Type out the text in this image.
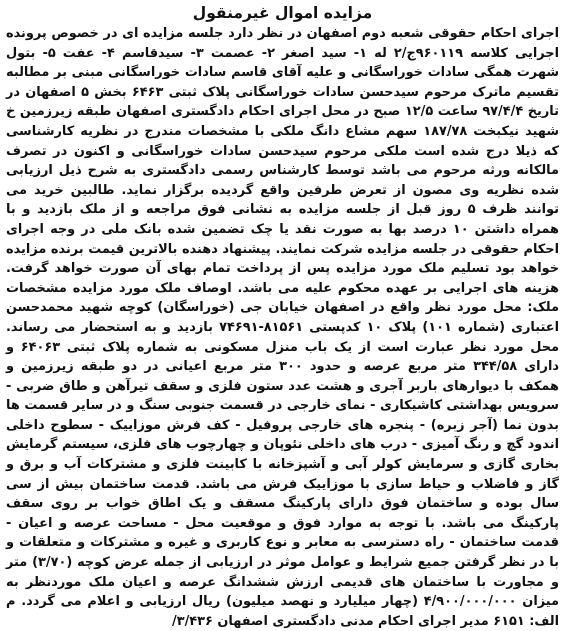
مزایده اموال غیرمنقول

اجرای احکام حقوقی شعبه دوم اصفهان در نظر دارد جلسه مزایده ای در خصوص پرونده اجرایی کلاسه ۹۶۰۱۱۹ج/۲ له ۱- سید اصغر ۲- عصمت ۳- سیدقاسم ۴- عفت ۵- بتول شهرت همگی سادات خوراسگانی و علیه آقای قاسم سادات خوراسگانی مبنی بر مطالبه تقسیم ماترک مرحوم سیدحسن سادات خوراسگانی پلاک ثبتی ۶۴۶۳ بخش ۵ اصفهان در تاریخ ۹۷/۴/۴ ساعت ۱۲/۵ صبح در محل اجرای احکام دادگستری اصفهان طبقه زیرزمین خ شهید نیکبخت ۱۸۷/۷۸ سهم مشاع دانگ ملکی با مشخصات مندرج در نظریه کارشناسی که ذیلا درج شده است ملکی مرحوم سیدحسن سادات خوراسگانی و اکنون در تصرف مالکانه ورثه مرحوم می باشد توسط کارشناس رسمی دادگستری به شرح ذیل ارزیابی شده نظریه وی مصون از تعرض طرفین واقع گردیده برگزار نماید. طالبین خرید می توانند ظرف ۵ روز قبل از جلسه مزایده به نشانی فوق مراجعه و از ملک بازدید و با همراه داشتن ۱۰ درصد بها به صورت نقد یا چک تضمین شده بانک ملی در وجه اجرای احکام حقوقی در جلسه مزایده شرکت نمایند. پیشنهاد دهنده بالاترین قیمت برنده مزایده خواهد بود تسلیم ملک مورد مزایده پس از پرداخت تمام بهای آن صورت خواهد گرفت. هزینه های اجرایی بر عهده محکوم علیه می باشد. اوصاف ملک مورد مزایده مشخصات ملک: محل مورد نظر واقع در اصفهان خیابان جی (خوراسگان) کوچه شهید محمدحسن اعتباری (شماره ۱۰۱) پلاک ۱۰ کدپستی ۸۱۵۶۱-۷۴۶۹۱ بازدید و به استحضار می رساند. محل مورد نظر عبارت است از یک باب منزل مسکونی به شماره پلاک ثبتی ۶۴۰۶۳ و دارای ۳۴۴/۵۸ متر مربع عرصه و حدود ۳۰۰ متر مربع اعیانی در دو طبقه زیرزمین و همکف با دیوارهای باربر آجری و هشت عدد ستون فلزی و سقف تیرآهن و طاق ضربی - سرویس بهداشتی کاشیکاری - نمای خارجی در قسمت جنوبی سنگ و در سایر قسمت ها بدون نما (آجر زبره) - پنجره های خارجی پروفیل - کف فرش موزاییک - سطوح داخلی اندود گچ و رنگ آمیزی - درب های داخلی نئوپان و چهارچوب های فلزی، سیستم گرمایش بخاری گازی و سرمایش کولر آبی و آشپزخانه با کابینت فلزی و مشترکات آب و برق و گاز و فاضلاب و حیاط سازی با موزاییک فرش می باشد. قدمت ساختمان بیش از سی سال بوده و ساختمان فوق دارای پارکینگ مسقف و یک اطاق خواب بر روی سقف پارکینگ می باشد. با توجه به موارد فوق و موقعیت محل - مساحت عرصه و اعیان - قدمت ساختمان - راه دسترسی به معابر و نوع کاربری و غیره و مشترکات و متعلقات و با در نظر گرفتن جمیع شرایط و عوامل موثر در ارزیابی از جمله عرض کوچه (۳/۷۰) متر و مجاورت با ساختمان های قدیمی ارزش ششدانگ عرصه و اعیان ملک موردنظر به میزان ۴/۹۰۰/۰۰۰/۰۰۰ (چهار میلیارد و نهصد میلیون) ریال ارزیابی و اعلام می گردد. م الف: ۶۱۵۱ مدیر اجرای احکام مدنی دادگستری اصفهان ۳/۴۳۶/
